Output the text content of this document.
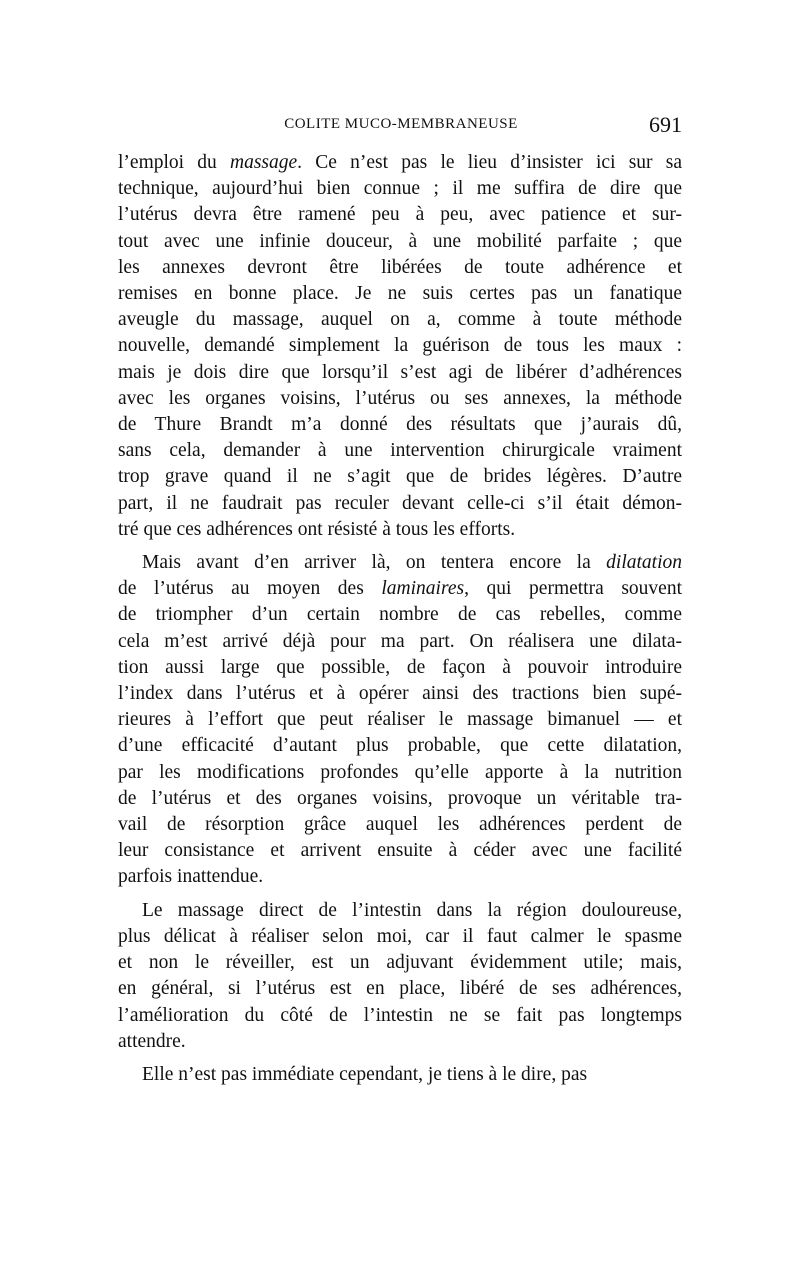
COLITE MUCO-MEMBRANEUSE	691
l’emploi du massage. Ce n’est pas le lieu d’insister ici sur sa
technique, aujourd’hui bien connue ; il me suffira de dire que
l’utérus devra être ramené peu à peu, avec patience et sur-
tout avec une infinie douceur, à une mobilité parfaite ; que
les annexes devront être libérées de toute adhérence et
remises en bonne place. Je ne suis certes pas un fanatique
aveugle du massage, auquel on a, comme à toute méthode
nouvelle, demandé simplement la guérison de tous les maux :
mais je dois dire que lorsqu’il s’est agi de libérer d’adhérences
avec les organes voisins, l’utérus ou ses annexes, la méthode
de Thure Brandt m’a donné des résultats que j’aurais dû,
sans cela, demander à une intervention chirurgicale vraiment
trop grave quand il ne s’agit que de brides légères. D’autre
part, il ne faudrait pas reculer devant celle-ci s’il était démon-
tré que ces adhérences ont résisté à tous les efforts.
Mais avant d’en arriver là, on tentera encore la dilatation
de l’utérus au moyen des laminaires, qui permettra souvent
de triompher d’un certain nombre de cas rebelles, comme
cela m’est arrivé déjà pour ma part. On réalisera une dilata-
tion aussi large que possible, de façon à pouvoir introduire
l’index dans l’utérus et à opérer ainsi des tractions bien supé-
rieures à l’effort que peut réaliser le massage bimanuel — et
d’une efficacité d’autant plus probable, que cette dilatation,
par les modifications profondes qu’elle apporte à la nutrition
de l’utérus et des organes voisins, provoque un véritable tra-
vail de résorption grâce auquel les adhérences perdent de
leur consistance et arrivent ensuite à céder avec une facilité
parfois inattendue.
Le massage direct de l’intestin dans la région douloureuse,
plus délicat à réaliser selon moi, car il faut calmer le spasme
et non le réveiller, est un adjuvant évidemment utile; mais,
en général, si l’utérus est en place, libéré de ses adhérences,
l’amélioration du côté de l’intestin ne se fait pas longtemps
attendre.
Elle n’est pas immédiate cependant, je tiens à le dire, pas
